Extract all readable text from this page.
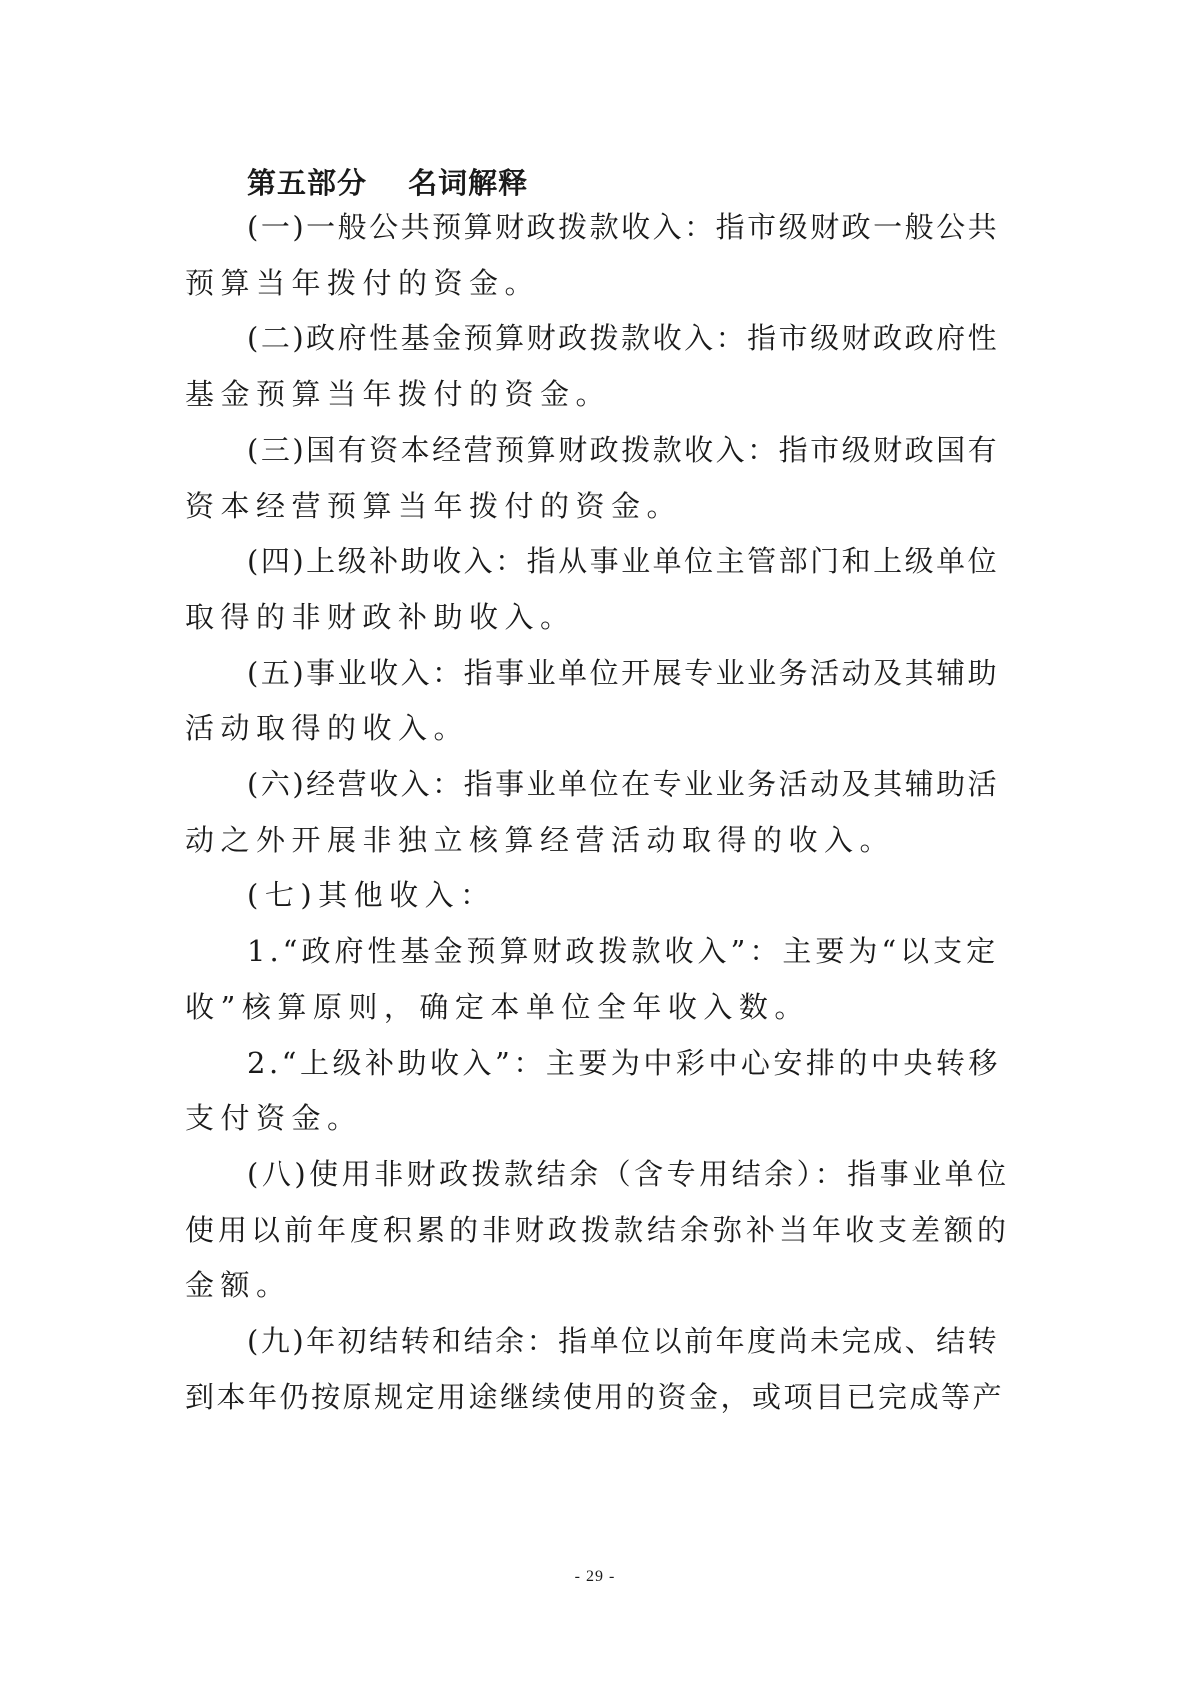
第五部分　 名词解释
(一)一般公共预算财政拨款收入：指市级财政一般公共
预算当年拨付的资金。
(二)政府性基金预算财政拨款收入：指市级财政政府性
基金预算当年拨付的资金。
(三)国有资本经营预算财政拨款收入：指市级财政国有
资本经营预算当年拨付的资金。
(四)上级补助收入：指从事业单位主管部门和上级单位
取得的非财政补助收入。
(五)事业收入：指事业单位开展专业业务活动及其辅助
活动取得的收入。
(六)经营收入：指事业单位在专业业务活动及其辅助活
动之外开展非独立核算经营活动取得的收入。
(七)其他收入：
1.“政府性基金预算财政拨款收入”：主要为“以支定
收”核算原则，确定本单位全年收入数。
2.“上级补助收入”：主要为中彩中心安排的中央转移
支付资金。
(八)使用非财政拨款结余（含专用结余）：指事业单位
使用以前年度积累的非财政拨款结余弥补当年收支差额的
金额。
(九)年初结转和结余：指单位以前年度尚未完成、结转
到本年仍按原规定用途继续使用的资金，或项目已完成等产
- 29 -
